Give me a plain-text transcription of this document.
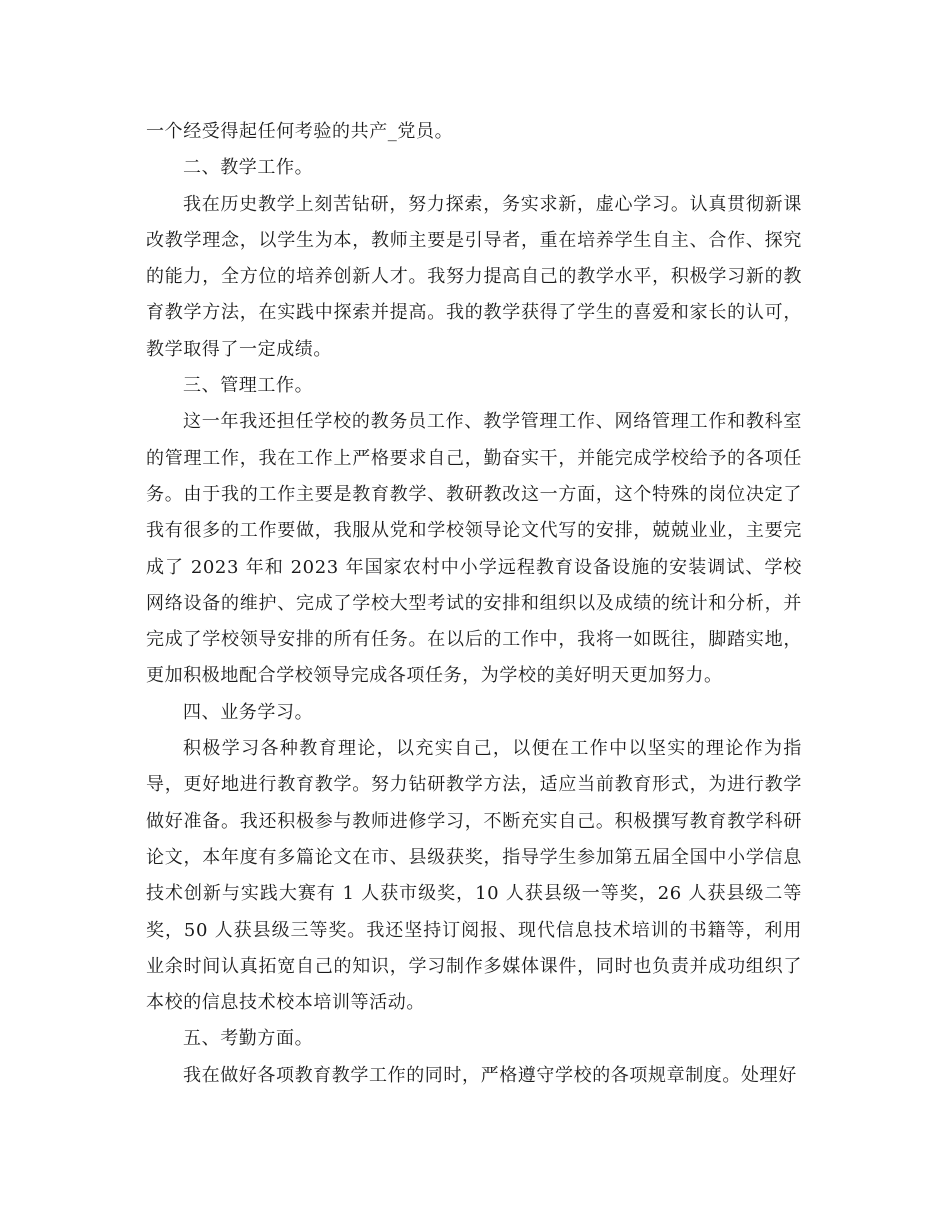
一个经受得起任何考验的共产_党员。

二、教学工作。

我在历史教学上刻苦钻研，努力探索，务实求新，虚心学习。认真贯彻新课改教学理念，以学生为本，教师主要是引导者，重在培养学生自主、合作、探究的能力，全方位的培养创新人才。我努力提高自己的教学水平，积极学习新的教育教学方法，在实践中探索并提高。我的教学获得了学生的喜爱和家长的认可，教学取得了一定成绩。

三、管理工作。

这一年我还担任学校的教务员工作、教学管理工作、网络管理工作和教科室的管理工作，我在工作上严格要求自己，勤奋实干，并能完成学校给予的各项任务。由于我的工作主要是教育教学、教研教改这一方面，这个特殊的岗位决定了我有很多的工作要做，我服从党和学校领导论文代写的安排，兢兢业业，主要完成了 2023 年和 2023 年国家农村中小学远程教育设备设施的安装调试、学校网络设备的维护、完成了学校大型考试的安排和组织以及成绩的统计和分析，并完成了学校领导安排的所有任务。在以后的工作中，我将一如既往，脚踏实地，更加积极地配合学校领导完成各项任务，为学校的美好明天更加努力。

四、业务学习。

积极学习各种教育理论，以充实自己，以便在工作中以坚实的理论作为指导，更好地进行教育教学。努力钻研教学方法，适应当前教育形式，为进行教学做好准备。我还积极参与教师进修学习，不断充实自己。积极撰写教育教学科研论文，本年度有多篇论文在市、县级获奖，指导学生参加第五届全国中小学信息技术创新与实践大赛有 1 人获市级奖，10 人获县级一等奖，26 人获县级二等奖，50 人获县级三等奖。我还坚持订阅报、现代信息技术培训的书籍等，利用业余时间认真拓宽自己的知识，学习制作多媒体课件，同时也负责并成功组织了本校的信息技术校本培训等活动。

五、考勤方面。

我在做好各项教育教学工作的同时，严格遵守学校的各项规章制度。处理好
